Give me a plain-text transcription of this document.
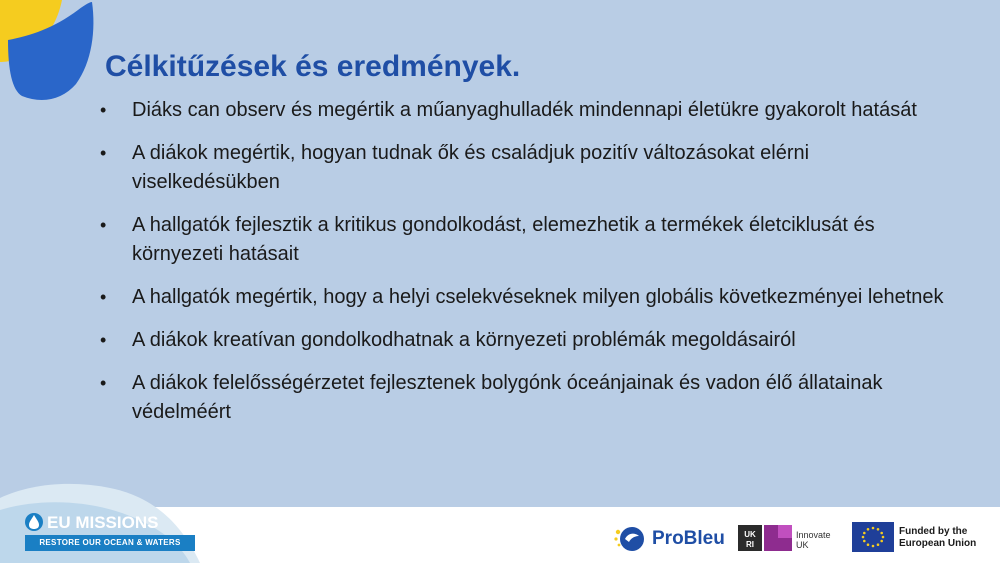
Célkitűzések és eredmények.
•	Diáks can observ és megértik a műanyaghulladék mindennapi életükre gyakorolt hatását
•	A diákok megértik, hogyan tudnak ők és családjuk pozitív változásokat elérni viselkedésükben
•	A hallgatók fejlesztik a kritikus gondolkodást, elemezhetik a termékek életciklusát és környezeti hatásait
•	A hallgatók megértik, hogy a helyi cselekvéseknek milyen globális következményei lehetnek
•	A diákok kreatívan gondolkodhatnak a környezeti problémák megoldásairól
•	A diákok felelősségérzetet fejlesztenek bolygónk óceánjainak és vadon élő állatainak védelméért
EU MISSIONS
RESTORE OUR OCEAN & WATERS	ProBleu UK
RI
Innovate UK
Funded by the European Union
